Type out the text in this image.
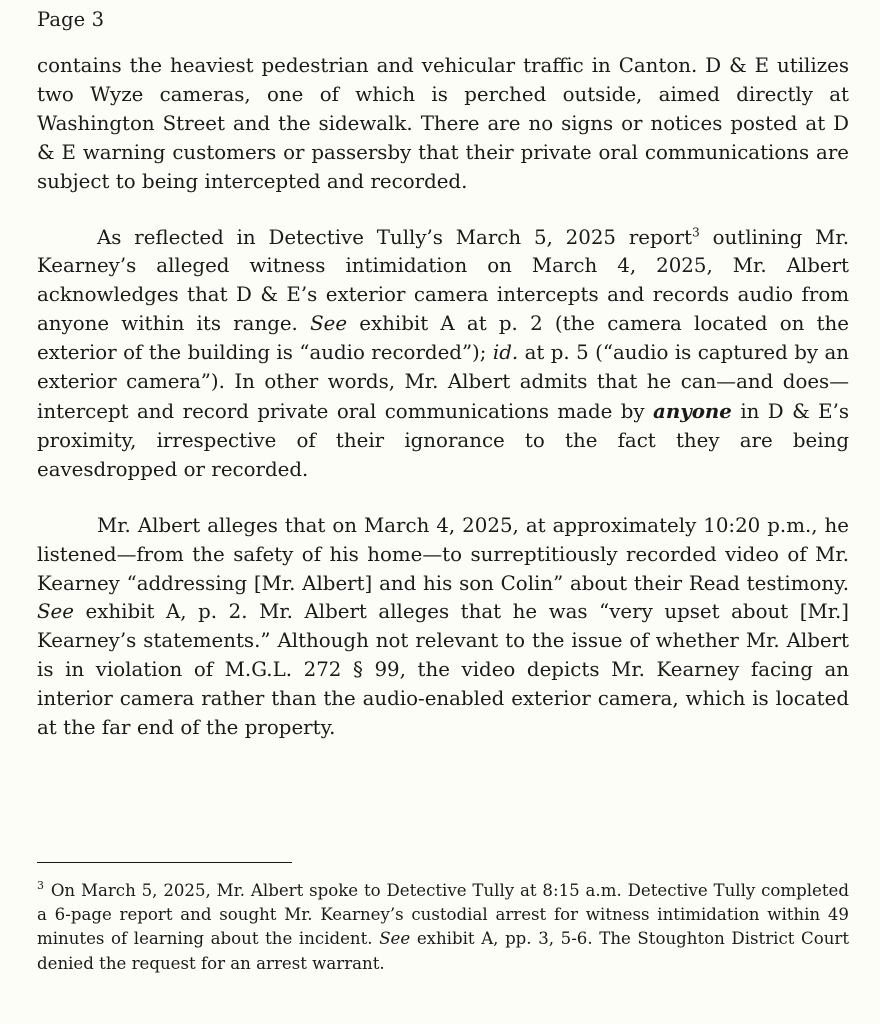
Page 3

contains the heaviest pedestrian and vehicular traffic in Canton. D & E utilizes two Wyze cameras, one of which is perched outside, aimed directly at Washington Street and the sidewalk. There are no signs or notices posted at D & E warning customers or passersby that their private oral communications are subject to being intercepted and recorded.

As reflected in Detective Tully’s March 5, 2025 report$^3$ outlining Mr. Kearney’s alleged witness intimidation on March 4, 2025, Mr. Albert acknowledges that D & E’s exterior camera intercepts and records audio from anyone within its range. See exhibit A at p. 2 (the camera located on the exterior of the building is “audio recorded”); id. at p. 5 (“audio is captured by an exterior camera”). In other words, Mr. Albert admits that he can—and does—intercept and record private oral communications made by anyone in D & E’s proximity, irrespective of their ignorance to the fact they are being eavesdropped or recorded.

Mr. Albert alleges that on March 4, 2025, at approximately 10:20 p.m., he listened—from the safety of his home—to surreptitiously recorded video of Mr. Kearney “addressing [Mr. Albert] and his son Colin” about their Read testimony. See exhibit A, p. 2. Mr. Albert alleges that he was “very upset about [Mr.] Kearney’s statements.” Although not relevant to the issue of whether Mr. Albert is in violation of M.G.L. 272 § 99, the video depicts Mr. Kearney facing an interior camera rather than the audio-enabled exterior camera, which is located at the far end of the property.

$^3$ On March 5, 2025, Mr. Albert spoke to Detective Tully at 8:15 a.m. Detective Tully completed a 6-page report and sought Mr. Kearney’s custodial arrest for witness intimidation within 49 minutes of learning about the incident. See exhibit A, pp. 3, 5-6. The Stoughton District Court denied the request for an arrest warrant.
